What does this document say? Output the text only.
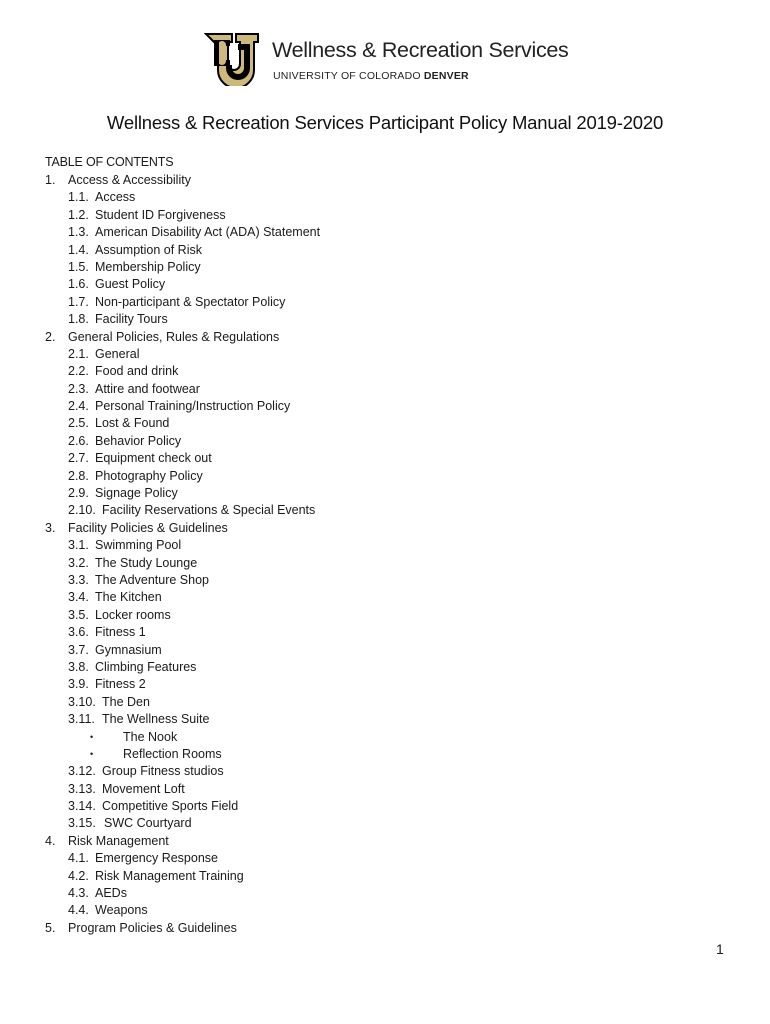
Wellness & Recreation Services
UNIVERSITY OF COLORADO DENVER
Wellness & Recreation Services Participant Policy Manual 2019-2020
TABLE OF CONTENTS
1. Access & Accessibility
1.1. Access
1.2. Student ID Forgiveness
1.3. American Disability Act (ADA) Statement
1.4. Assumption of Risk
1.5. Membership Policy
1.6. Guest Policy
1.7. Non-participant & Spectator Policy
1.8. Facility Tours
2. General Policies, Rules & Regulations
2.1. General
2.2. Food and drink
2.3. Attire and footwear
2.4. Personal Training/Instruction Policy
2.5. Lost & Found
2.6. Behavior Policy
2.7. Equipment check out
2.8. Photography Policy
2.9. Signage Policy
2.10. Facility Reservations & Special Events
3. Facility Policies & Guidelines
3.1. Swimming Pool
3.2. The Study Lounge
3.3. The Adventure Shop
3.4. The Kitchen
3.5. Locker rooms
3.6. Fitness 1
3.7. Gymnasium
3.8. Climbing Features
3.9. Fitness 2
3.10. The Den
3.11. The Wellness Suite
• The Nook
• Reflection Rooms
3.12. Group Fitness studios
3.13. Movement Loft
3.14. Competitive Sports Field
3.15. SWC Courtyard
4. Risk Management
4.1. Emergency Response
4.2. Risk Management Training
4.3. AEDs
4.4. Weapons
5. Program Policies & Guidelines
1
